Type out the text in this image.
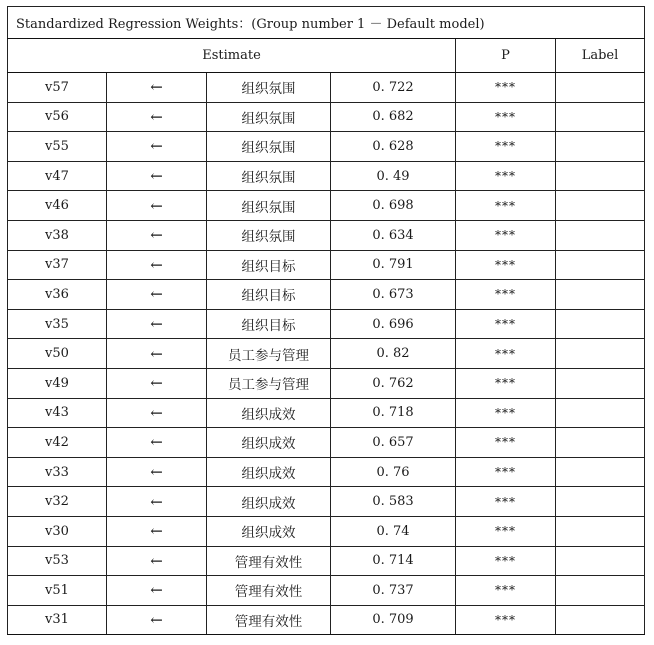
Standardized Regression Weights：(Group number 1 － Default model)					
Estimate				P	Label
v57	←	组织氛围	0. 722	***	
v56	←	组织氛围	0. 682	***	
v55	←	组织氛围	0. 628	***	
v47	←	组织氛围	0. 49	***	
v46	←	组织氛围	0. 698	***	
v38	←	组织氛围	0. 634	***	
v37	←	组织目标	0. 791	***	
v36	←	组织目标	0. 673	***	
v35	←	组织目标	0. 696	***	
v50	←	员工参与管理	0. 82	***	
v49	←	员工参与管理	0. 762	***	
v43	←	组织成效	0. 718	***	
v42	←	组织成效	0. 657	***	
v33	←	组织成效	0. 76	***	
v32	←	组织成效	0. 583	***	
v30	←	组织成效	0. 74	***	
v53	←	管理有效性	0. 714	***	
v51	←	管理有效性	0. 737	***	
v31	←	管理有效性	0. 709	***	
